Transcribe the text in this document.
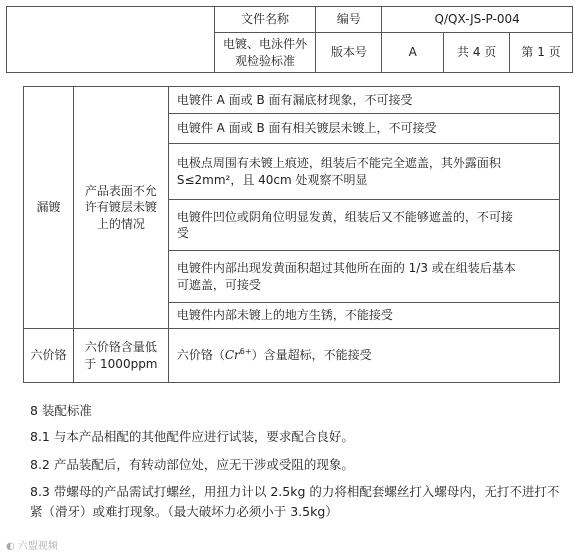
	文件名称	编号	Q/QX-JS-P-004		

	电镀、电泳件外
观检验标准	版本号	A	共 4 页	第 1 页
漏镀	产品表面不允
许有镀层未镀
上的情况	电镀件 A 面或 B 面有漏底材现象，不可接受
		电镀件 A 面或 B 面有相关镀层未镀上，不可接受

		电极点周围有未镀上痕迹，组装后不能完全遮盖，其外露面积
S≤2mm²，且 40cm 处观察不明显

		电镀件凹位或阴角位明显发黄，组装后又不能够遮盖的，不可接
受

		电镀件内部出现发黄面积超过其他所在面的 1/3 或在组装后基本
可遮盖，可接受

		电镀件内部未镀上的地方生锈，不能接受
六价铬	六价铬含量低
于 1000ppm	六价铬$(Cr^{6+})$含量超标，不能接受
8 装配标准
8.1 与本产品相配的其他配件应进行试装，要求配合良好。
8.2 产品装配后，有转动部位处，应无干涉或受阻的现象。
8.3 带螺母的产品需试打螺丝，用扭力计以 2.5kg 的力将相配套螺丝打入螺母内，无打不进打不
紧（滑牙）或难打现象。（最大破坏力必须小于 3.5kg）
◐ 六盟视频
